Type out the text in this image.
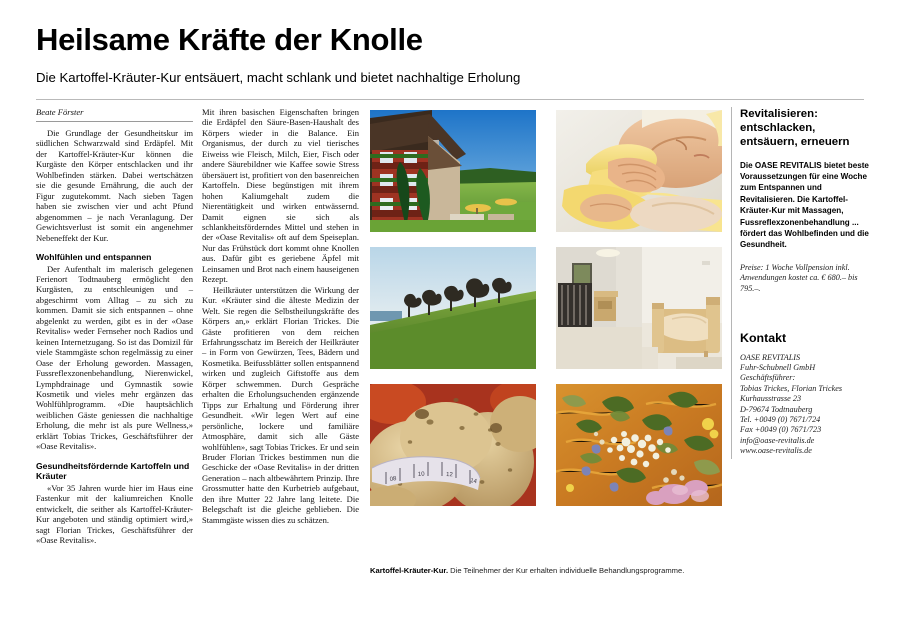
Heilsame Kräfte der Knolle

Die Kartoffel-Kräuter-Kur entsäuert, macht schlank und bietet nachhaltige Erholung

Beate Förster

Die Grundlage der Gesundheitskur im südlichen Schwarzwald sind Erdäpfel. Mit der Kartoffel-Kräuter-Kur können die Kurgäste den Körper entschlacken und ihr Wohlbefinden stärken. Dabei wertschätzen sie die gesunde Ernährung, die auch der Figur zugutekommt. Nach sieben Tagen haben sie zwischen vier und acht Pfund abgenommen – je nach Veranlagung. Der Gewichtsverlust ist somit ein angenehmer Nebeneffekt der Kur.

Wohlfühlen und entspannen

Der Aufenthalt im malerisch gelegenen Ferienort Todtnauberg ermöglicht den Kurgästen, zu entschleunigen und – abgeschirmt vom Alltag – zu sich zu kommen. Damit sie sich entspannen – ohne abgelenkt zu werden, gibt es in der «Oase Revitalis» weder Fernseher noch Radios und keinen Internetzugang. So ist das Domizil für viele Stammgäste schon regelmässig zu einer Oase der Erholung geworden. Massagen, Fussreflexzonenbehandlung, Nierenwickel, Lymphdrainage und Gymnastik sowie Kosmetik und vieles mehr ergänzen das Wohlfühlprogramm. «Die hauptsächlich weiblichen Gäste geniessen die nachhaltige Erholung, die mehr ist als pure Wellness,» erklärt Tobias Trickes, Geschäftsführer der «Oase Revitalis».

Gesundheitsfördernde Kartoffeln und Kräuter

«Vor 35 Jahren wurde hier im Haus eine Fastenkur mit der kaliumreichen Knolle entwickelt, die seither als Kartoffel-Kräuter-Kur angeboten und ständig optimiert wird,» sagt Florian Trickes, Geschäftsführer der «Oase Revitalis».

Mit ihren basischen Eigenschaften bringen die Erdäpfel den Säure-Basen-Haushalt des Körpers wieder in die Balance. Ein Organismus, der durch zu viel tierisches Eiweiss wie Fleisch, Milch, Eier, Fisch oder andere Säurebildner wie Kaffee sowie Stress übersäuert ist, profitiert von den basenreichen Kartoffeln. Diese begünstigen mit ihrem hohen Kaliumgehalt zudem die Nierentätigkeit und wirken entwässernd. Damit eignen sie sich als schlankheitsförderndes Mittel und stehen in der «Oase Revitalis» oft auf dem Speiseplan. Nur das Frühstück dort kommt ohne Knollen aus. Dafür gibt es geriebene Äpfel mit Leinsamen und Brot nach einem hauseigenen Rezept.

Heilkräuter unterstützen die Wirkung der Kur. «Kräuter sind die älteste Medizin der Welt. Sie regen die Selbstheilungskräfte des Körpers an,» erklärt Florian Trickes. Die Gäste profitieren von dem reichen Erfahrungsschatz im Bereich der Heilkräuter – in Form von Gewürzen, Tees, Bädern und Kosmetika. Beifussblätter sollen entspannend wirken und zugleich Giftstoffe aus dem Körper schwemmen. Durch Gespräche erhalten die Erholungsuchenden ergänzende Tipps zur Erhaltung und Förderung ihrer Gesundheit. «Wir legen Wert auf eine persönliche, lockere und familiäre Atmosphäre, damit sich alle Gäste wohlfühlen», sagt Tobias Trickes. Er und sein Bruder Florian Trickes bestimmen nun die Geschicke der «Oase Revitalis» in der dritten Generation – nach altbewährtem Prinzip. Ihre Grossmutter hatte den Kurbetrieb aufgebaut, den ihre Mutter 22 Jahre lang leitete. Die Belegschaft ist die gleiche geblieben. Die Stammgäste wissen dies zu schätzen.

08
10	12
14
Kartoffel-Kräuter-Kur. Die Teilnehmer der Kur erhalten individuelle Behandlungsprogramme.
Revitalisieren: entschlacken, entsäuern, erneuern
Die OASE REVITALIS bietet beste Voraussetzungen für eine Woche zum Entspannen und Revitalisieren. Die Kartoffel-Kräuter-Kur mit Massagen, Fussreflexzonenbehandlung ... fördert das Wohlbefinden und die Gesundheit.
Preise: 1 Woche Vollpension inkl. Anwendungen kostet ca. € 680.– bis 795.–.
Kontakt
OASE REVITALIS
Fuhr-Schubnell GmbH
Geschäftsführer:
Tobias Trickes, Florian Trickes
Kurhausstrasse 23
D-79674 Todtnauberg
Tel. +0049 (0) 7671/724
Fax +0049 (0) 7671/723
info@oase-revitalis.de
www.oase-revitalis.de
